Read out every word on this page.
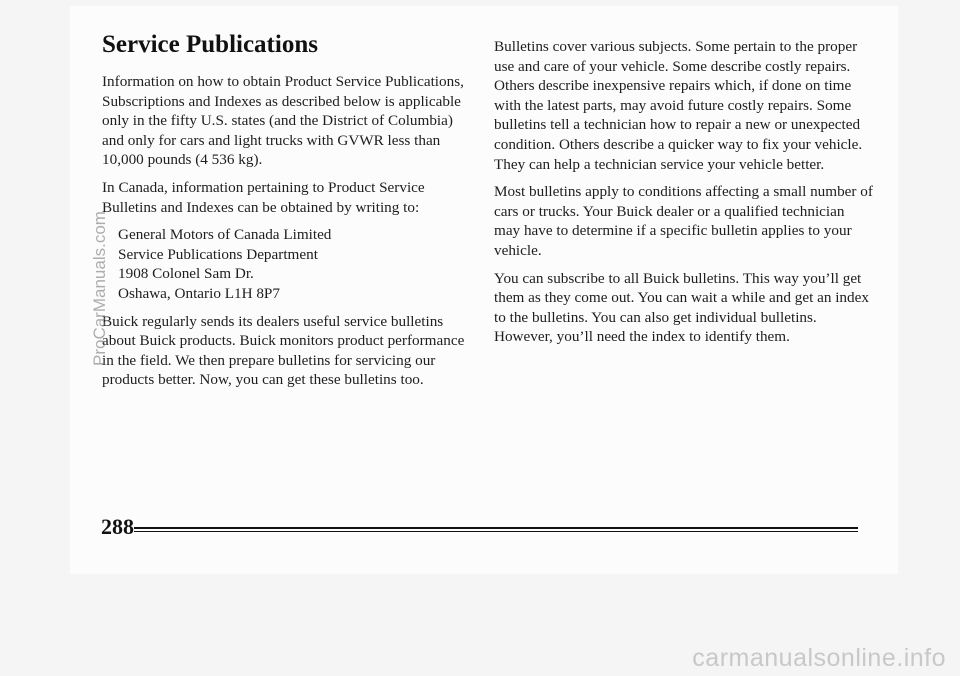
Service Publications

Information on how to obtain Product Service Publications, Subscriptions and Indexes as described below is applicable only in the fifty U.S. states (and the District of Columbia) and only for cars and light trucks with GVWR less than 10,000 pounds (4 536 kg).

In Canada, information pertaining to Product Service Bulletins and Indexes can be obtained by writing to:

General Motors of Canada Limited
Service Publications Department
1908 Colonel Sam Dr.
Oshawa, Ontario L1H 8P7

Buick regularly sends its dealers useful service bulletins about Buick products. Buick monitors product performance in the field. We then prepare bulletins for servicing our products better. Now, you can get these bulletins too.

Bulletins cover various subjects. Some pertain to the proper use and care of your vehicle. Some describe costly repairs. Others describe inexpensive repairs which, if done on time with the latest parts, may avoid future costly repairs. Some bulletins tell a technician how to repair a new or unexpected condition. Others describe a quicker way to fix your vehicle. They can help a technician service your vehicle better.

Most bulletins apply to conditions affecting a small number of cars or trucks. Your Buick dealer or a qualified technician may have to determine if a specific bulletin applies to your vehicle.

You can subscribe to all Buick bulletins. This way you’ll get them as they come out. You can wait a while and get an index to the bulletins. You can also get individual bulletins. However, you’ll need the index to identify them.

288
ProCarManuals.com
carmanualsonline.info
